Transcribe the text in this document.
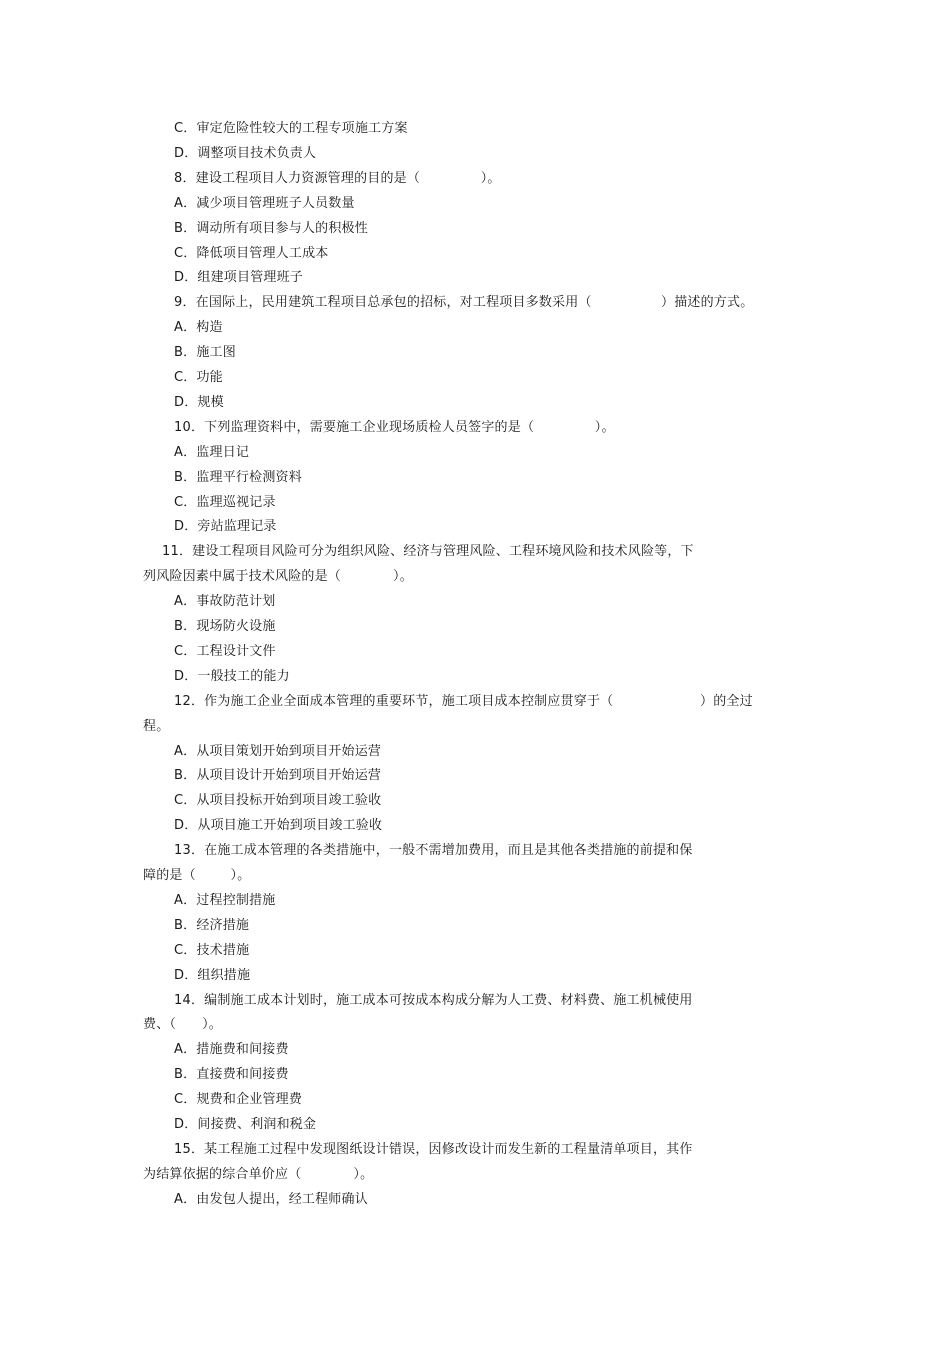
C．审定危险性较大的工程专项施工方案
D．调整项目技术负责人
8．建设工程项目人力资源管理的目的是（              ）。
A．减少项目管理班子人员数量
B．调动所有项目参与人的积极性
C．降低项目管理人工成本
D．组建项目管理班子
9．在国际上，民用建筑工程项目总承包的招标，对工程项目多数采用（                ）描述的方式。
A．构造
B．施工图
C．功能
D．规模
10．下列监理资料中，需要施工企业现场质检人员签字的是（              ）。
A．监理日记
B．监理平行检测资料
C．监理巡视记录
D．旁站监理记录
11．建设工程项目风险可分为组织风险、经济与管理风险、工程环境风险和技术风险等，下
列风险因素中属于技术风险的是（            ）。
A．事故防范计划
B．现场防火设施
C．工程设计文件
D．一般技工的能力
12．作为施工企业全面成本管理的重要环节，施工项目成本控制应贯穿于（                    ）的全过
程。
A．从项目策划开始到项目开始运营
B．从项目设计开始到项目开始运营
C．从项目投标开始到项目竣工验收
D．从项目施工开始到项目竣工验收
13．在施工成本管理的各类措施中，一般不需增加费用，而且是其他各类措施的前提和保
障的是（        ）。
A．过程控制措施
B．经济措施
C．技术措施
D．组织措施
14．编制施工成本计划时，施工成本可按成本构成分解为人工费、材料费、施工机械使用
费、（      ）。
A．措施费和间接费
B．直接费和间接费
C．规费和企业管理费
D．间接费、利润和税金
15．某工程施工过程中发现图纸设计错误，因修改设计而发生新的工程量清单项目，其作
为结算依据的综合单价应（            ）。
A．由发包人提出，经工程师确认
